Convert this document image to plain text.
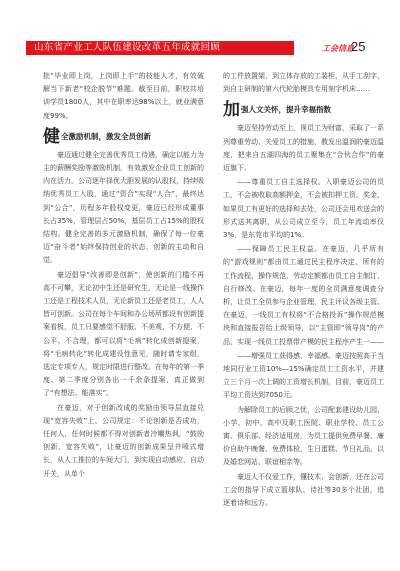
山东省产业工人队伍建设改革五年成就回顾	工会信息
25

批”毕业即上岗，上岗即上手”的技能人才，有效破解当下新老“校企脱节”难题。截至目前，职校共培训学员1800人，其中在职率达98%以上，就业满意度99%。

健全激励机制，激发全员创新

豪迈通过健全完善优秀员工待遇，确定以能力为主的薪酬奖励等激励机制，有效激发企业员工创新的内在活力。公司逐年择优大胆发展的认股权，持续吸纳优秀员工入股，通过“资合”实现“人合”，最终达到“公合”，历程多年股权变更，豪迈已经形成董事长占35%，管理层占50%，基层员工占15%的股权结构。健全完善的多元激励机制，确保了每一位豪迈“奋斗者”始终保持创业的状态，创新的主动和自觉。

豪迈倡导“改善即是创新”，使创新的门槛不再高不可攀，无论初中生还是研究生，无论是一线操作工还是工程技术人员，无论新员工还是老员工，人人皆可创新。公司在每个车间和办公场所都设有创新提案看板，员工只要感觉不舒服、不美观、不方便、不公平、不合理，都可以将“毛病”转化成创新提案，将“毛病转化”转化成建设性意见，随时请专家组，选定专项专人，规定时限进行整改。在每年的第一季度、第二季度分别各出一千余条提案，真正做到了“有想法、能落实”。

在豪迈，对于创新改成的奖励由领导层直接兑现“宽容失败”上。公司规定：不论创新是否成功，任何人，任何时候都不得对创新者冷嘲热讽，“鼓励创新，宽容失败”，让豪迈的创新成果呈井喷式增长，从人工推拉的车间大门，到实现自动感应、自动开关，从单个

的工件放置架，到立体存放的工装柜，从手工刮字，到自主研制的第六代轮胎模具专用刻字机床……

加强人文关怀，提升幸福指数

豪迈坚持劳动至上，视员工为财富，采取了一系列尊重劳动、关爱员工的措施，教发出温润的豪迈温度，把来自五湖四海的员工聚集在“合伙合作”的豪迈旗下。

——尊重员工自主选择权。入职豪迈公司的员工，不会被收取高额押金，不会被扣押工资、奖金，如果员工有更好的选择和去处，公司还会用欢送会的形式送其离职，从公司成立至今，员工年流动率仅3%，是东莞市平均的1%。

——保障员工民主权益。在豪迈，几乎所有的“游戏规则”都由员工通过民主程序决定，所有的工作流程、操作规范、劳动定额都由员工自主制订、自行修改。在豪迈，每年一度的全员满意度调查分析，让员工全员参与企业管理，民主评议各级主管。在豪迈，一线员工有权将“不合格投诉”操作规范模块和直接报告给上级领导，以“主管即“领导岗”的产品，实现一线员工投票带产模的民主程序产生一——

——增强员工获得感、幸福感。豪迈按照高于当地同行业工资10%—15%确定员工工资水平，并建立三个月一次上调的工资增长机制，目前，豪迈员工平均工资达到7050元。

为解除员工的后顾之忧，公司配套建设幼儿园、小学、初中、高中及职工医院、职业学校、员工公寓、俱乐部、经济适用房，为员工提供免费早餐、廉价自助午晚餐、免费体检、生日蛋糕、节日礼品，以及婚恋网站、联谊相亲等。

豪迈人不仅爱工作，懂技术、会创新，还在公司工会的指导下成立篮球队、诗社等30多个社团，追逐着诗和远方。
